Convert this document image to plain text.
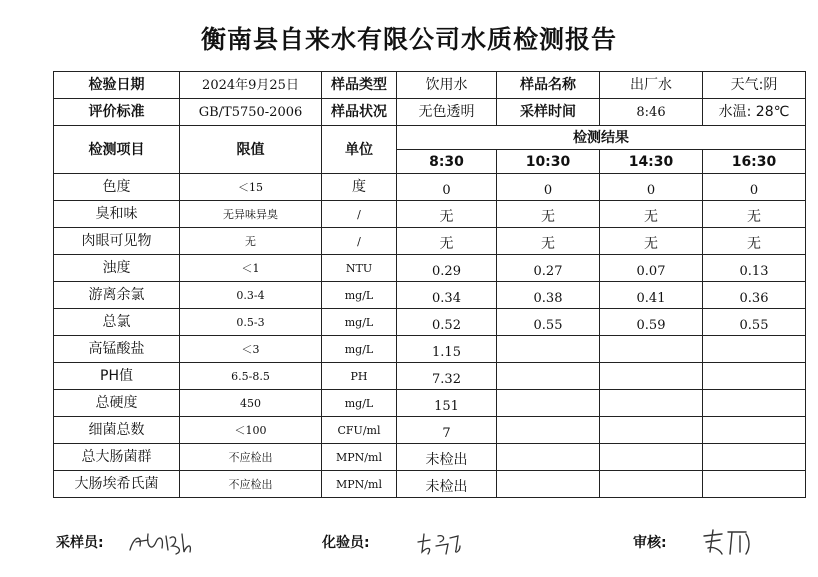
衡南县自来水有限公司水质检测报告
检验日期	2024年9月25日	样品类型	饮用水	样品名称	出厂水	天气:阴
评价标准	GB/T5750-2006	样品状况	无色透明	采样时间	8:46	水温: 28℃
检测项目	限值	单位	检测结果			
			8:30	10:30	14:30	16:30
色度	＜15	度	0	0	0	0
臭和味	无异味异臭	/	无	无	无	无
肉眼可见物	无	/	无	无	无	无
浊度	＜1	NTU	0.29	0.27	0.07	0.13
游离余氯	0.3-4	mg/L	0.34	0.38	0.41	0.36
总氯	0.5-3	mg/L	0.52	0.55	0.59	0.55
高锰酸盐	＜3	mg/L	1.15			
PH值	6.5-8.5	PH	7.32			
总硬度	450	mg/L	151			
细菌总数	＜100	CFU/ml	7			
总大肠菌群	不应检出	MPN/ml	未检出			
大肠埃希氏菌	不应检出	MPN/ml	未检出			
采样员:	化验员:	审核:
